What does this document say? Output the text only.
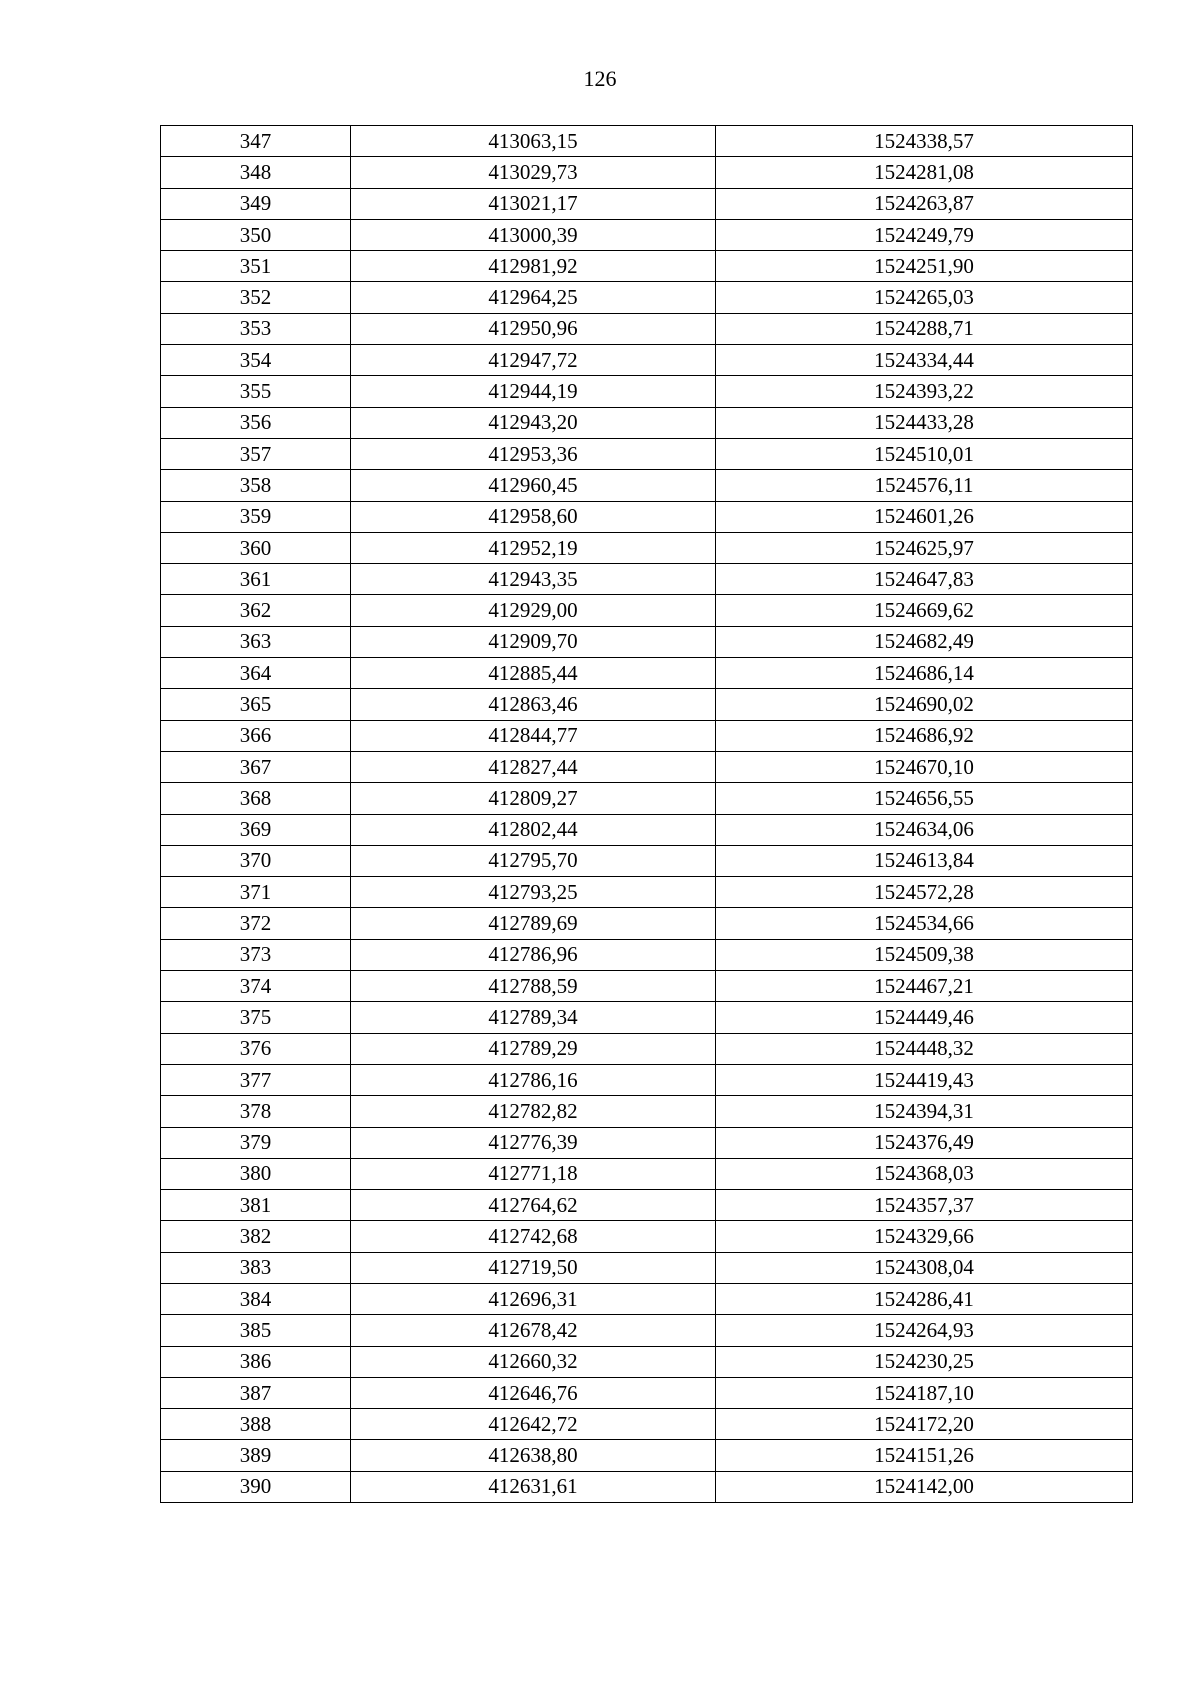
126
347	413063,15	1524338,57
348	413029,73	1524281,08
349	413021,17	1524263,87
350	413000,39	1524249,79
351	412981,92	1524251,90
352	412964,25	1524265,03
353	412950,96	1524288,71
354	412947,72	1524334,44
355	412944,19	1524393,22
356	412943,20	1524433,28
357	412953,36	1524510,01
358	412960,45	1524576,11
359	412958,60	1524601,26
360	412952,19	1524625,97
361	412943,35	1524647,83
362	412929,00	1524669,62
363	412909,70	1524682,49
364	412885,44	1524686,14
365	412863,46	1524690,02
366	412844,77	1524686,92
367	412827,44	1524670,10
368	412809,27	1524656,55
369	412802,44	1524634,06
370	412795,70	1524613,84
371	412793,25	1524572,28
372	412789,69	1524534,66
373	412786,96	1524509,38
374	412788,59	1524467,21
375	412789,34	1524449,46
376	412789,29	1524448,32
377	412786,16	1524419,43
378	412782,82	1524394,31
379	412776,39	1524376,49
380	412771,18	1524368,03
381	412764,62	1524357,37
382	412742,68	1524329,66
383	412719,50	1524308,04
384	412696,31	1524286,41
385	412678,42	1524264,93
386	412660,32	1524230,25
387	412646,76	1524187,10
388	412642,72	1524172,20
389	412638,80	1524151,26
390	412631,61	1524142,00
